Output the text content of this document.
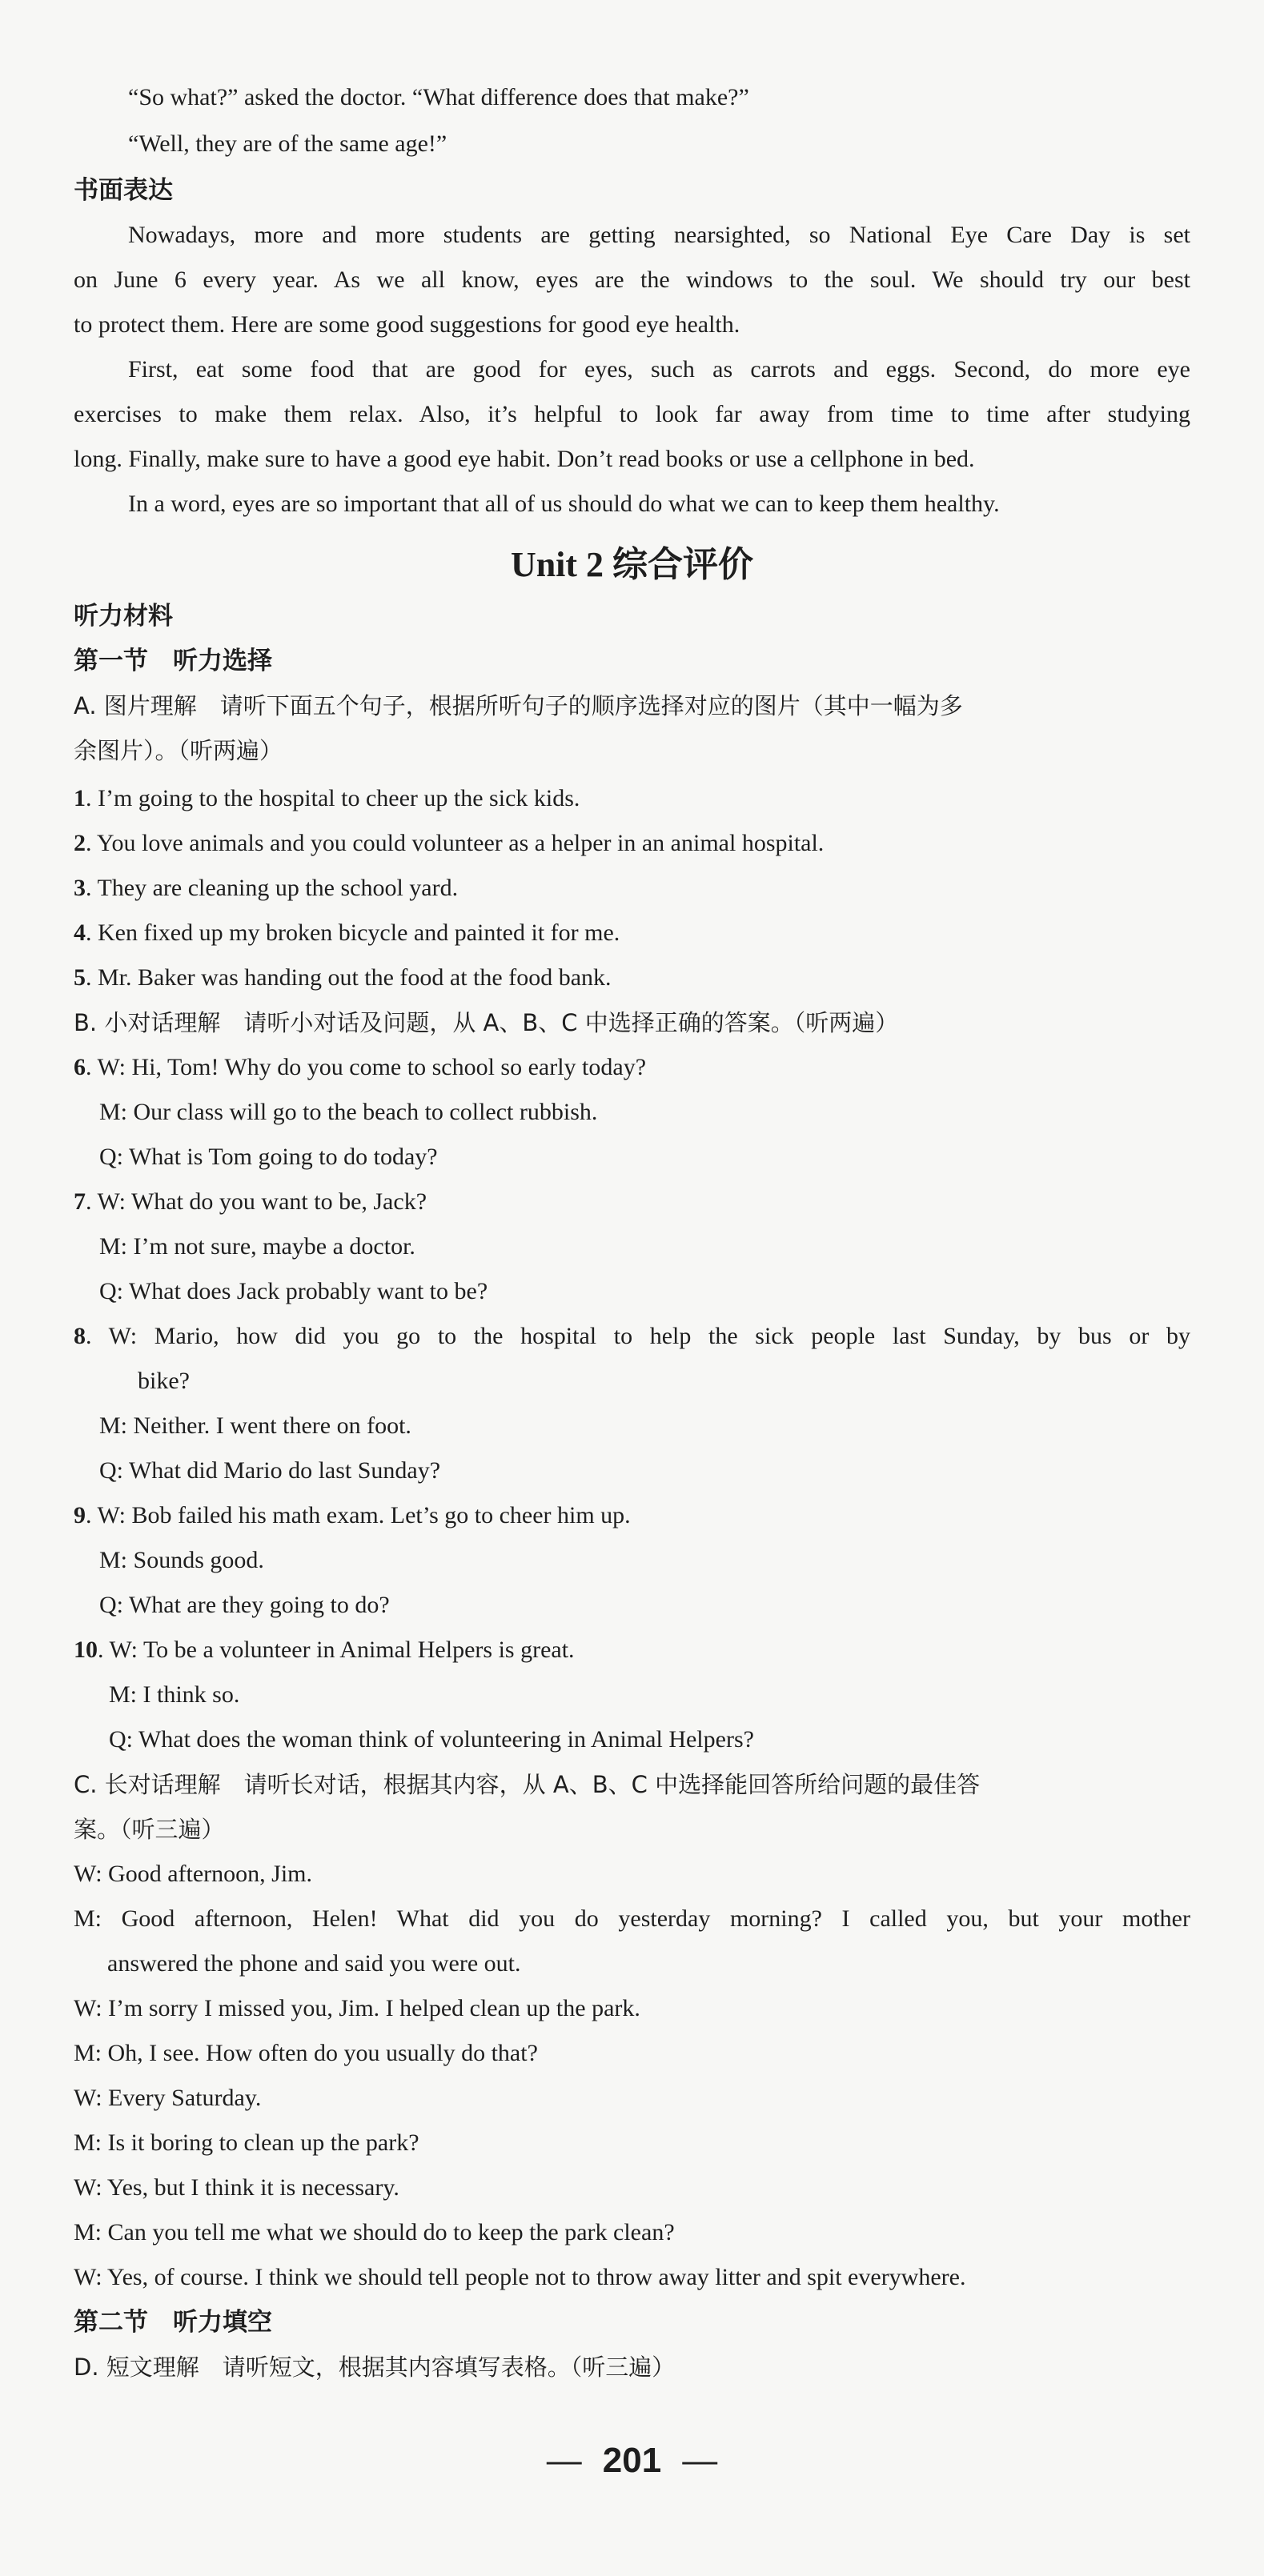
“So what?” asked the doctor. “What difference does that make?”
“Well, they are of the same age!”
书面表达
Nowadays, more and more students are getting nearsighted, so National Eye Care Day is set
on June 6 every year. As we all know, eyes are the windows to the soul. We should try our best
to protect them. Here are some good suggestions for good eye health.
First, eat some food that are good for eyes, such as carrots and eggs. Second, do more eye
exercises to make them relax. Also, it’s helpful to look far away from time to time after studying
long. Finally, make sure to have a good eye habit. Don’t read books or use a cellphone in bed.
In a word, eyes are so important that all of us should do what we can to keep them healthy.
Unit 2 综合评价
听力材料
第一节　听力选择
A. 图片理解　请听下面五个句子，根据所听句子的顺序选择对应的图片（其中一幅为多
余图片）。（听两遍）
1. I’m going to the hospital to cheer up the sick kids.
2. You love animals and you could volunteer as a helper in an animal hospital.
3. They are cleaning up the school yard.
4. Ken fixed up my broken bicycle and painted it for me.
5. Mr. Baker was handing out the food at the food bank.
B. 小对话理解　请听小对话及问题，从 A、B、C 中选择正确的答案。（听两遍）
6. W: Hi, Tom! Why do you come to school so early today?
M: Our class will go to the beach to collect rubbish.
Q: What is Tom going to do today?
7. W: What do you want to be, Jack?
M: I’m not sure, maybe a doctor.
Q: What does Jack probably want to be?
8. W: Mario, how did you go to the hospital to help the sick people last Sunday, by bus or by
bike?
M: Neither. I went there on foot.
Q: What did Mario do last Sunday?
9. W: Bob failed his math exam. Let’s go to cheer him up.
M: Sounds good.
Q: What are they going to do?
10. W: To be a volunteer in Animal Helpers is great.
M: I think so.
Q: What does the woman think of volunteering in Animal Helpers?
C. 长对话理解　请听长对话，根据其内容，从 A、B、C 中选择能回答所给问题的最佳答
案。（听三遍）
W: Good afternoon, Jim.
M: Good afternoon, Helen! What did you do yesterday morning? I called you, but your mother
answered the phone and said you were out.
W: I’m sorry I missed you, Jim. I helped clean up the park.
M: Oh, I see. How often do you usually do that?
W: Every Saturday.
M: Is it boring to clean up the park?
W: Yes, but I think it is necessary.
M: Can you tell me what we should do to keep the park clean?
W: Yes, of course. I think we should tell people not to throw away litter and spit everywhere.
第二节　听力填空
D. 短文理解　请听短文，根据其内容填写表格。（听三遍）
— 201 —
